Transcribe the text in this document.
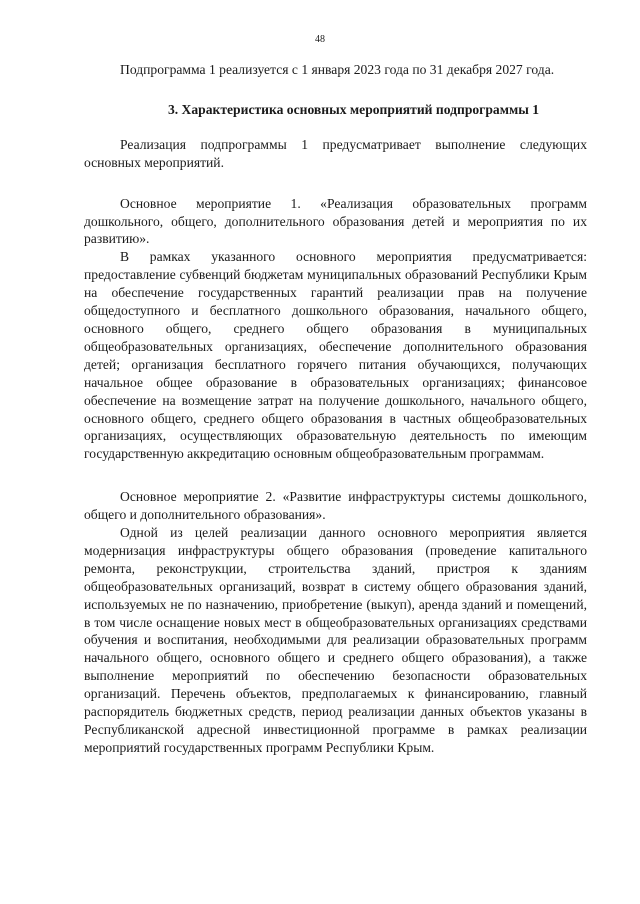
48

Подпрограмма 1 реализуется с 1 января 2023 года по 31 декабря 2027 года.

3. Характеристика основных мероприятий подпрограммы 1

Реализация подпрограммы 1 предусматривает выполнение следующих основных мероприятий.

Основное мероприятие 1. «Реализация образовательных программ дошкольного, общего, дополнительного образования детей и мероприятия по их развитию».

В рамках указанного основного мероприятия предусматривается: предоставление субвенций бюджетам муниципальных образований Республики Крым на обеспечение государственных гарантий реализации прав на получение общедоступного и бесплатного дошкольного образования, начального общего, основного общего, среднего общего образования в муниципальных общеобразовательных организациях, обеспечение дополнительного образования детей; организация бесплатного горячего питания обучающихся, получающих начальное общее образование в образовательных организациях; финансовое обеспечение на возмещение затрат на получение дошкольного, начального общего, основного общего, среднего общего образования в частных общеобразовательных организациях, осуществляющих образовательную деятельность по имеющим государственную аккредитацию основным общеобразовательным программам.

Основное мероприятие 2. «Развитие инфраструктуры системы дошкольного, общего и дополнительного образования».

Одной из целей реализации данного основного мероприятия является модернизация инфраструктуры общего образования (проведение капитального ремонта, реконструкции, строительства зданий, пристроя к зданиям общеобразовательных организаций, возврат в систему общего образования зданий, используемых не по назначению, приобретение (выкуп), аренда зданий и помещений, в том числе оснащение новых мест в общеобразовательных организациях средствами обучения и воспитания, необходимыми для реализации образовательных программ начального общего, основного общего и среднего общего образования), а также выполнение мероприятий по обеспечению безопасности образовательных организаций. Перечень объектов, предполагаемых к финансированию, главный распорядитель бюджетных средств, период реализации данных объектов указаны в Республиканской адресной инвестиционной программе в рамках реализации мероприятий государственных программ Республики Крым.
